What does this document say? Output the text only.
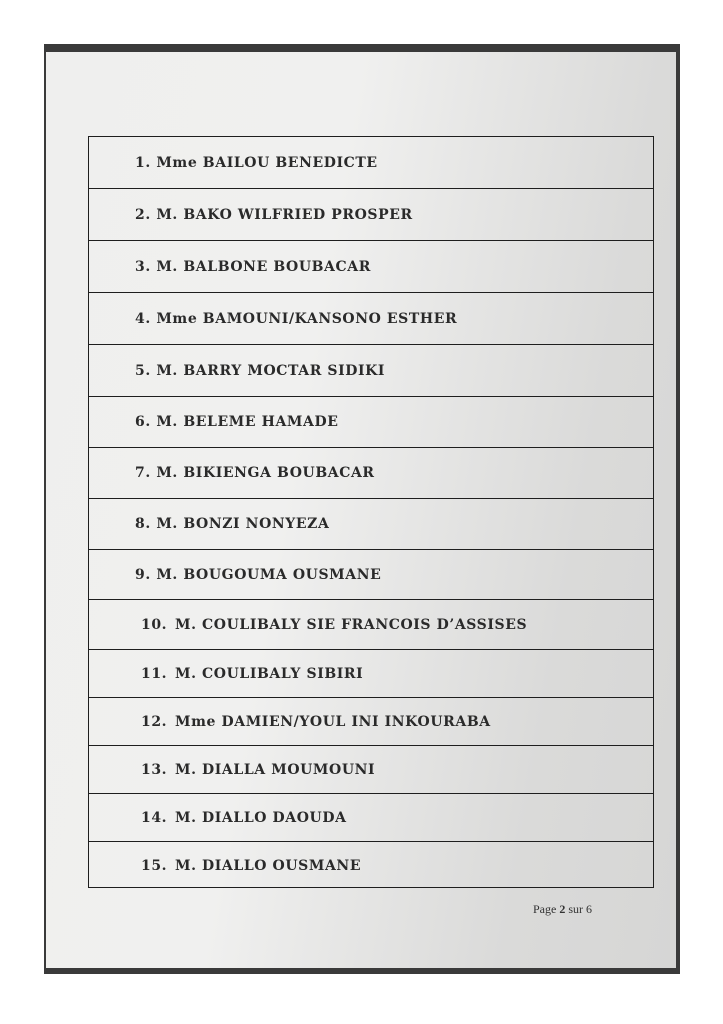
1. Mme BAILOU BENEDICTE
2. M. BAKO WILFRIED PROSPER
3. M. BALBONE BOUBACAR
4. Mme BAMOUNI/KANSONO ESTHER
5. M. BARRY MOCTAR SIDIKI
6. M. BELEME HAMADE
7. M. BIKIENGA BOUBACAR
8. M. BONZI NONYEZA
9. M. BOUGOUMA OUSMANE
10. M. COULIBALY SIE FRANCOIS D’ASSISES
11. M. COULIBALY SIBIRI
12. Mme DAMIEN/YOUL INI INKOURABA
13. M. DIALLA MOUMOUNI
14. M. DIALLO DAOUDA
15. M. DIALLO OUSMANE
Page 2 sur 6
